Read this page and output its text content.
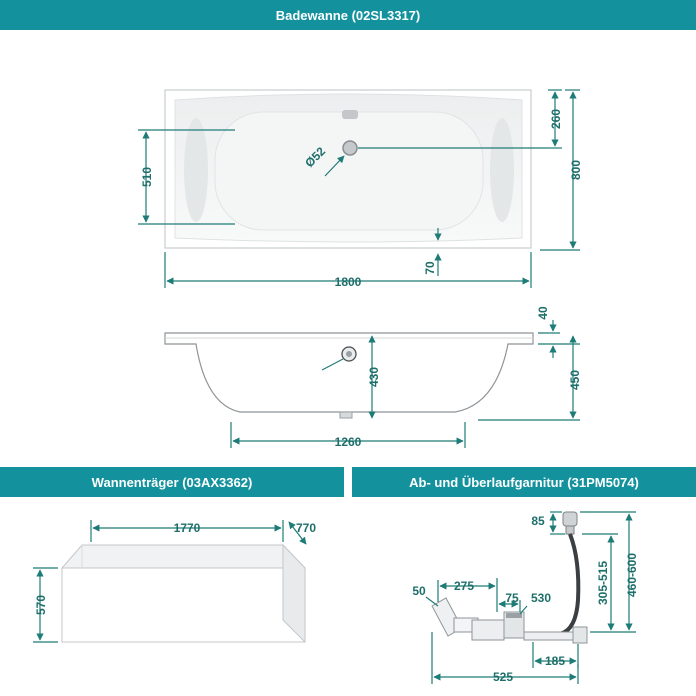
Badewanne (02SL3317)
Wannenträger (03AX3362)	Ab- und Überlaufgarnitur (31PM5074)
260
800
510
Ø52
70
1800
40
450
430
1260
1770	770
570
85
305-515 460-600
50 275
75 530
185
525
